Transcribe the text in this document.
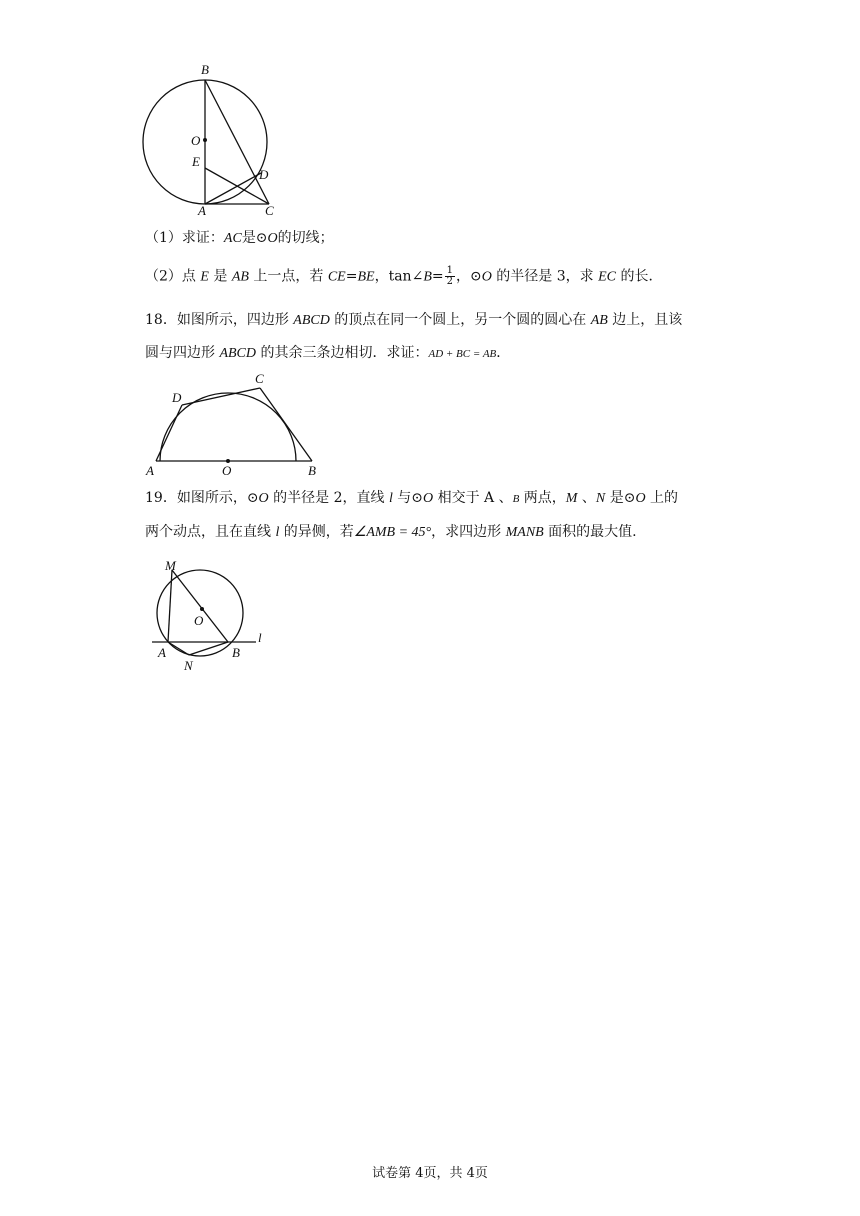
B
O
E
D
A	C
（1）求证：AC是⊙O的切线；
（2）点 E 是 AB 上一点，若 CE=BE，tan∠B= $\frac{1}{2}$ ，⊙O 的半径是 3，求 EC 的长．
18．如图所示，四边形 ABCD 的顶点在同一个圆上，另一个圆的圆心在 AB 边上，且该
圆与四边形 ABCD 的其余三条边相切．求证：AD + BC = AB．
D
C
A	O	B
19．如图所示，⊙O 的半径是 2，直线 l 与⊙O 相交于 A 、B 两点，M 、N 是⊙O 上的
两个动点，且在直线 l 的异侧，若∠AMB = 45°，求四边形 MANB 面积的最大值.
M
O
A
N
B
l
试卷第 4页，共 4页
